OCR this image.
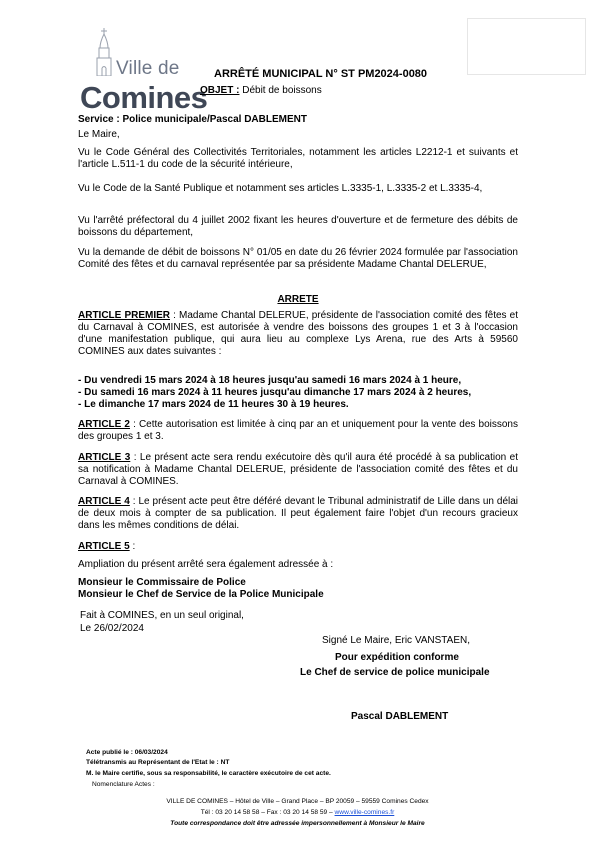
Ville de
Comines
ARRÊTÉ MUNICIPAL N° ST PM2024-0080
OBJET : Débit de boissons
Service : Police municipale/Pascal DABLEMENT
Le Maire,
Vu le Code Général des Collectivités Territoriales, notamment les articles L2212-1 et suivants et l'article L.511-1 du code de la sécurité intérieure,
Vu le Code de la Santé Publique et notamment ses articles L.3335-1, L.3335-2 et L.3335-4,
Vu l'arrêté préfectoral du 4 juillet 2002 fixant les heures d'ouverture et de fermeture des débits de boissons du département,
Vu la demande de débit de boissons N° 01/05 en date du 26 février 2024 formulée par l'association Comité des fêtes et du carnaval représentée par sa présidente Madame Chantal DELERUE,
ARRETE
ARTICLE PREMIER : Madame Chantal DELERUE, présidente de l'association comité des fêtes et du Carnaval à COMINES, est autorisée à vendre des boissons des groupes 1 et 3 à l'occasion d'une manifestation publique, qui aura lieu au complexe Lys Arena, rue des Arts à 59560 COMINES aux dates suivantes :
- Du vendredi 15 mars 2024 à 18 heures jusqu'au samedi 16 mars 2024 à 1 heure,
- Du samedi 16 mars 2024 à 11 heures jusqu'au dimanche 17 mars 2024 à 2 heures,
- Le dimanche 17 mars 2024 de 11 heures 30 à 19 heures.
ARTICLE 2 : Cette autorisation est limitée à cinq par an et uniquement pour la vente des boissons des groupes 1 et 3.
ARTICLE 3 : Le présent acte sera rendu exécutoire dès qu'il aura été procédé à sa publication et sa notification à Madame Chantal DELERUE, présidente de l'association comité des fêtes et du Carnaval à COMINES.
ARTICLE 4 : Le présent acte peut être déféré devant le Tribunal administratif de Lille dans un délai de deux mois à compter de sa publication. Il peut également faire l'objet d'un recours gracieux dans les mêmes conditions de délai.
ARTICLE 5 :
Ampliation du présent arrêté sera également adressée à :
Monsieur le Commissaire de Police
Monsieur le Chef de Service de la Police Municipale
Fait à COMINES, en un seul original,
Le 26/02/2024
Signé Le Maire, Eric VANSTAEN,
Pour expédition conforme
Le Chef de service de police municipale
Pascal DABLEMENT
Acte publié le : 06/03/2024
Télétransmis au Représentant de l'Etat le : NT
M. le Maire certifie, sous sa responsabilité, le caractère exécutoire de cet acte.
Nomenclature Actes :
VILLE DE COMINES – Hôtel de Ville – Grand Place – BP 20059 – 59559 Comines Cedex
Tél : 03 20 14 58 58 – Fax : 03 20 14 58 59 – www.ville-comines.fr
Toute correspondance doit être adressée impersonnellement à Monsieur le Maire
